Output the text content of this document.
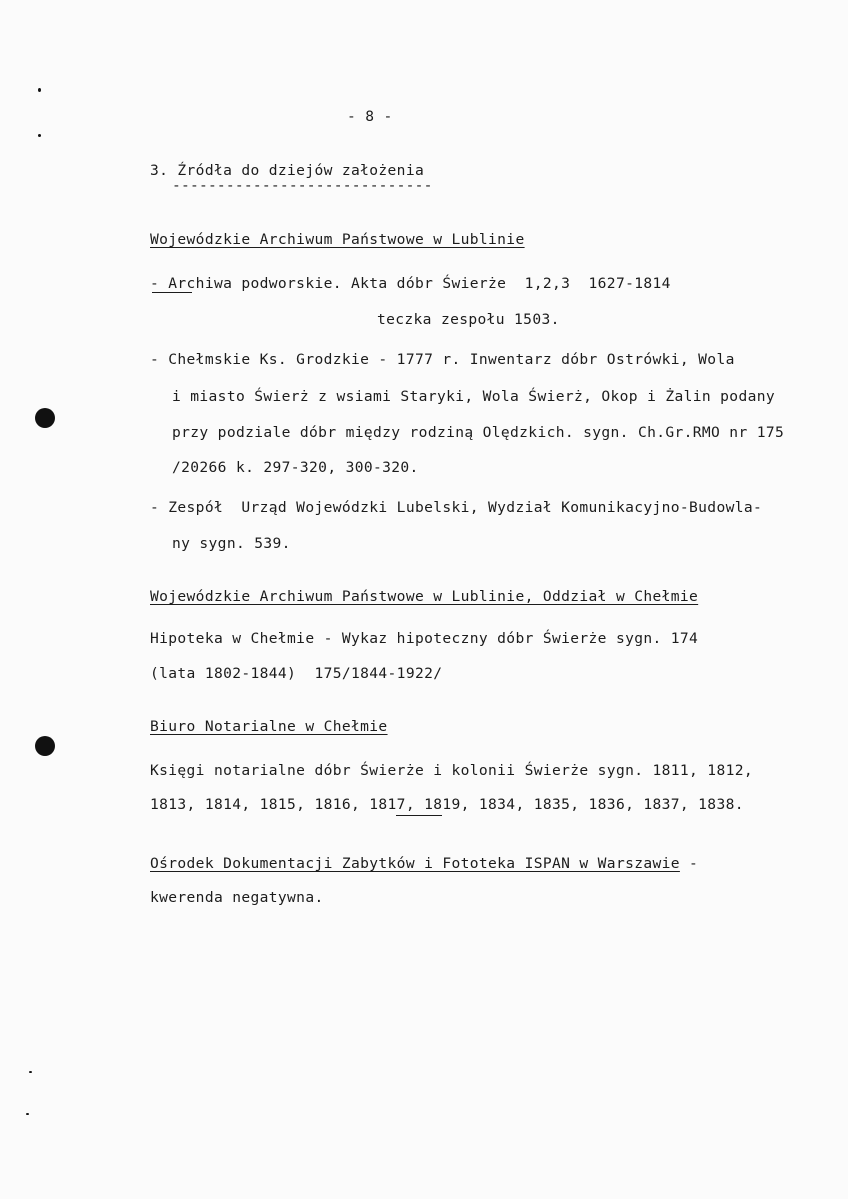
- 8 -
3. Źródła do dziejów założenia
-----------------------------
Wojewódzkie Archiwum Państwowe w Lublinie
- Archiwa podworskie. Akta dóbr Świerże  1,2,3  1627-1814
teczka zespołu 1503.
- Chełmskie Ks. Grodzkie - 1777 r. Inwentarz dóbr Ostrówki, Wola
i miasto Świerż z wsiami Staryki, Wola Świerż, Okop i Żalin podany
przy podziale dóbr między rodziną Olędzkich. sygn. Ch.Gr.RMO nr 175
/20266 k. 297-320, 300-320.
- Zespół  Urząd Wojewódzki Lubelski, Wydział Komunikacyjno-Budowla-
ny sygn. 539.
Wojewódzkie Archiwum Państwowe w Lublinie, Oddział w Chełmie
Hipoteka w Chełmie - Wykaz hipoteczny dóbr Świerże sygn. 174
(lata 1802-1844)  175/1844-1922/
Biuro Notarialne w Chełmie
Księgi notarialne dóbr Świerże i kolonii Świerże sygn. 1811, 1812,
1813, 1814, 1815, 1816, 1817, 1819, 1834, 1835, 1836, 1837, 1838.
Ośrodek Dokumentacji Zabytków i Fototeka ISPAN w Warszawie -
kwerenda negatywna.
